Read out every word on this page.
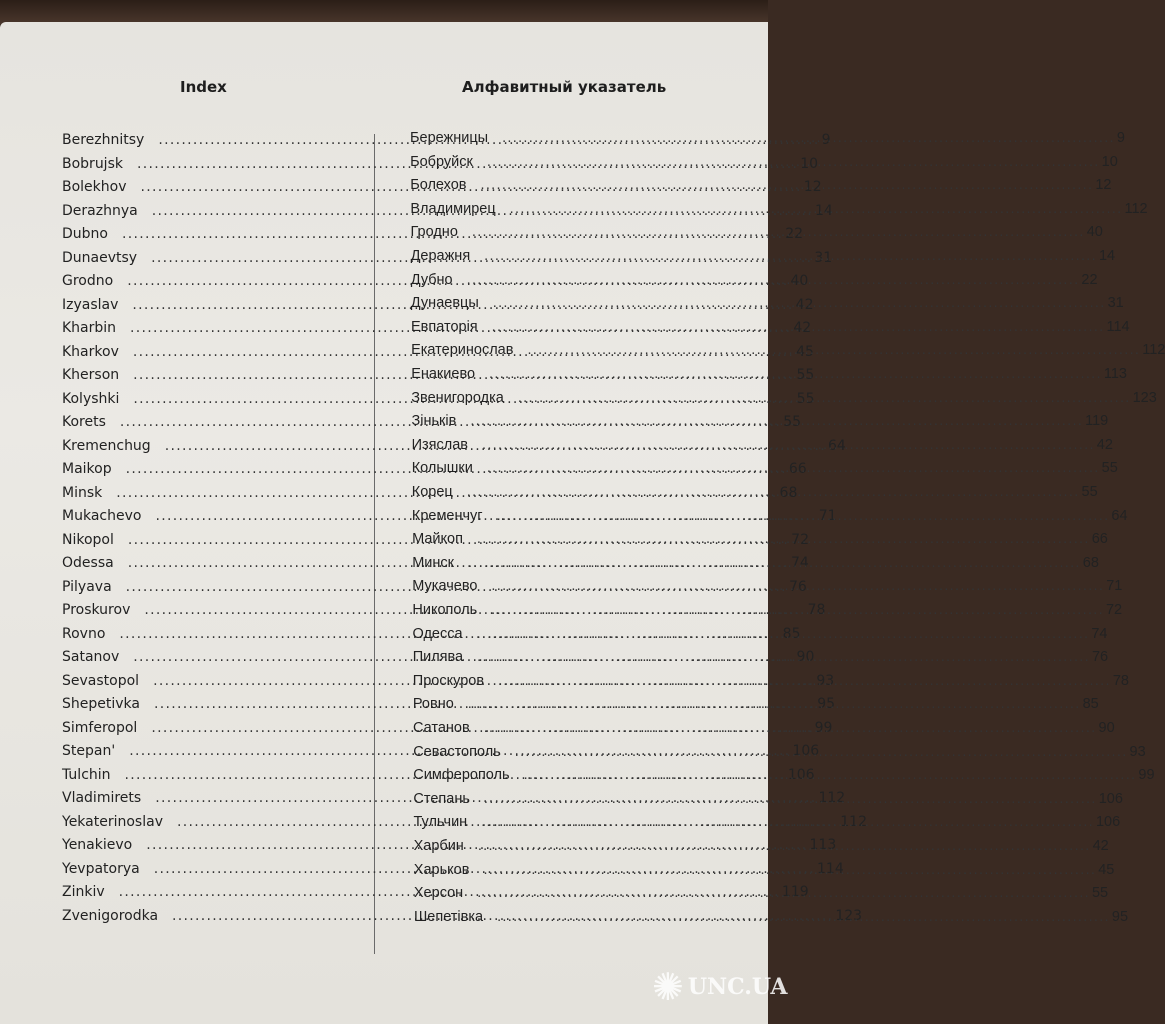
Index	Алфавитный указатель
Berezhnitsy .....	9
Bobrujsk .....	10
Bolekhov .....	12
Derazhnya .....	14
Dubno .....	22
Dunaevtsy .....	31
Grodno .....	40
Izyaslav .....	42
Kharbin .....	42
Kharkov .....	45
Kherson .....	55
Kolyshki .....	55
Korets .....	55
Kremenchug .....	64
Maikop .....	66
Minsk .....	68
Mukachevo .....	71
Nikopol .....	72
Odessa .....	74
Pilyava .....	76
Proskurov .....	78
Rovno .....	85
Satanov .....	90
Sevastopol .....	93
Shepetivka .....	95
Simferopol .....	99
Stepan' .....	106
Tulchin .....	106
Vladimirets .....	112
Yekaterinoslav .....	112
Yenakievo .....	113
Yevpatorya .....	114
Zinkiv .....	119
Zvenigorodka .....	123
Бережницы .....	9
Бобруйск .....	10
Болехов .....	12
Владимирец .....	112
Гродно .....	40
Деражня .....	14
Дубно .....	22
Дунаевцы .....	31
Евпаторія .....	114
Екатеринослав .....	112
Енакиево .....	113
Звенигородка .....	123
Зіньків .....	119
Изяслав .....	42
Колышки .....	55
Корец .....	55
Кременчуг .....	64
Майкоп .....	66
Минск .....	68
Мукачево .....	71
Никополь .....	72
Одесса .....	74
Пилява .....	76
Проскуров .....	78
Ровно .....	85
Сатанов .....	90
Севастополь .....	93
Симферополь .....	99
Степань .....	106
Тульчин .....	106
Харбин .....	42
Харьков .....	45
Херсон .....	55
Шепетівка .....	95
✺ UNC.UA
